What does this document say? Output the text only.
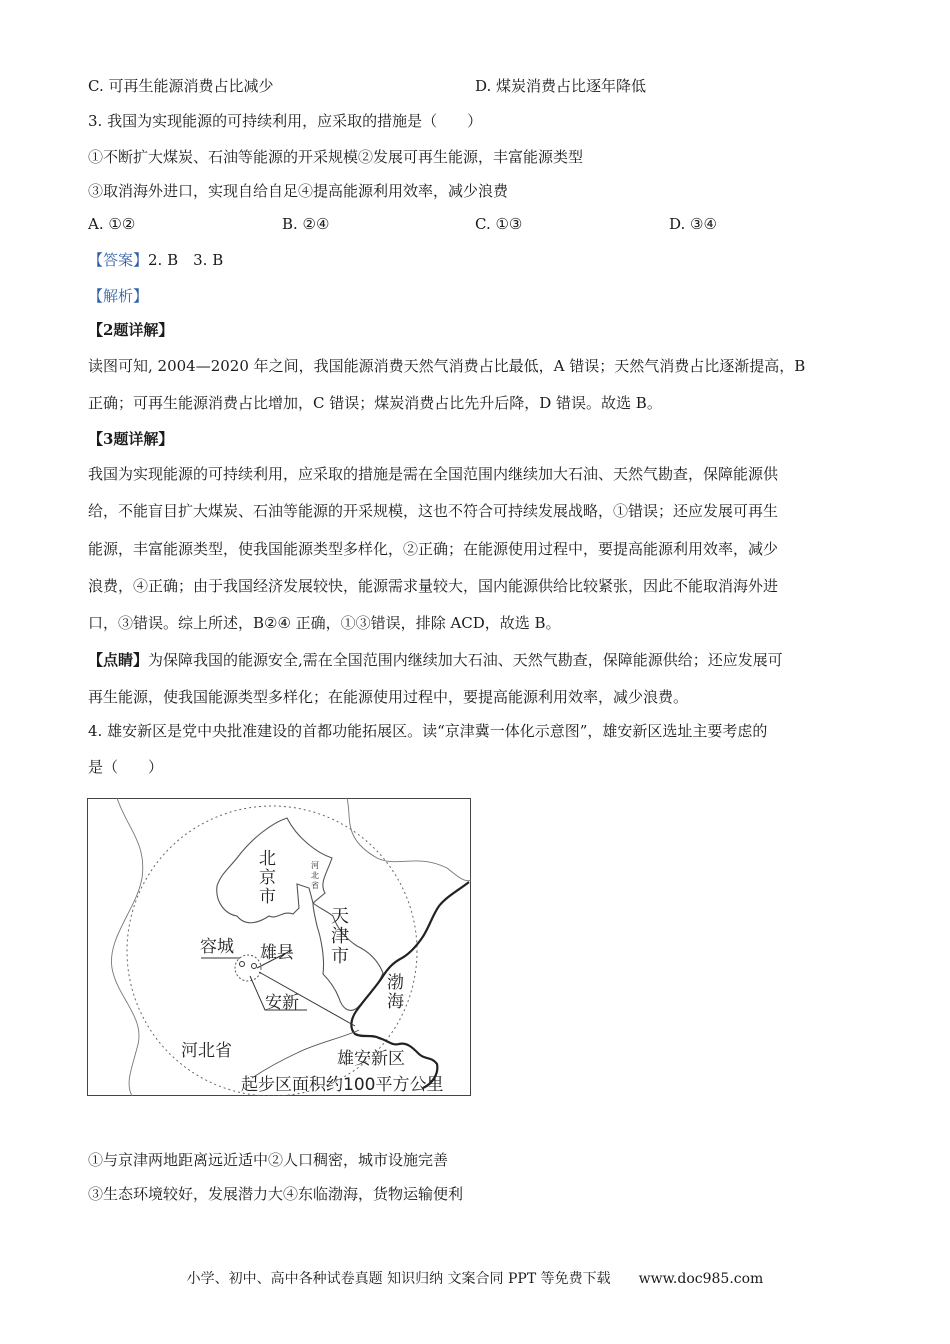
C. 可再生能源消费占比减少	D. 煤炭消费占比逐年降低
3. 我国为实现能源的可持续利用，应采取的措施是（　　）
①不断扩大煤炭、石油等能源的开采规模②发展可再生能源，丰富能源类型
③取消海外进口，实现自给自足④提高能源利用效率，减少浪费
A. ①②	B. ②④	C. ①③	D. ③④
【答案】2. B　3. B
【解析】
【2题详解】
读图可知, 2004—2020 年之间，我国能源消费天然气消费占比最低，A 错误；天然气消费占比逐渐提高，B
正确；可再生能源消费占比增加，C 错误；煤炭消费占比先升后降，D 错误。故选 B。
【3题详解】
我国为实现能源的可持续利用，应采取的措施是需在全国范围内继续加大石油、天然气勘查，保障能源供
给，不能盲目扩大煤炭、石油等能源的开采规模，这也不符合可持续发展战略，①错误；还应发展可再生
能源，丰富能源类型，使我国能源类型多样化，②正确；在能源使用过程中，要提高能源利用效率，减少
浪费，④正确；由于我国经济发展较快，能源需求量较大，国内能源供给比较紧张，因此不能取消海外进
口，③错误。综上所述，B②④ 正确，①③错误，排除 ACD，故选 B。
【点睛】为保障我国的能源安全,需在全国范围内继续加大石油、天然气勘查，保障能源供给；还应发展可
再生能源，使我国能源类型多样化；在能源使用过程中，要提高能源利用效率，减少浪费。
4. 雄安新区是党中央批准建设的首都功能拓展区。读“京津冀一体化示意图”，雄安新区选址主要考虑的
是（　　）
北京市
河北省
天津市
容城 雄县
安新
渤海
河北省	雄安新区
起步区面积约100平方公里
①与京津两地距离远近适中②人口稠密，城市设施完善
③生态环境较好，发展潜力大④东临渤海，货物运输便利
小学、初中、高中各种试卷真题 知识归纳 文案合同 PPT 等免费下载　　www.doc985.com
